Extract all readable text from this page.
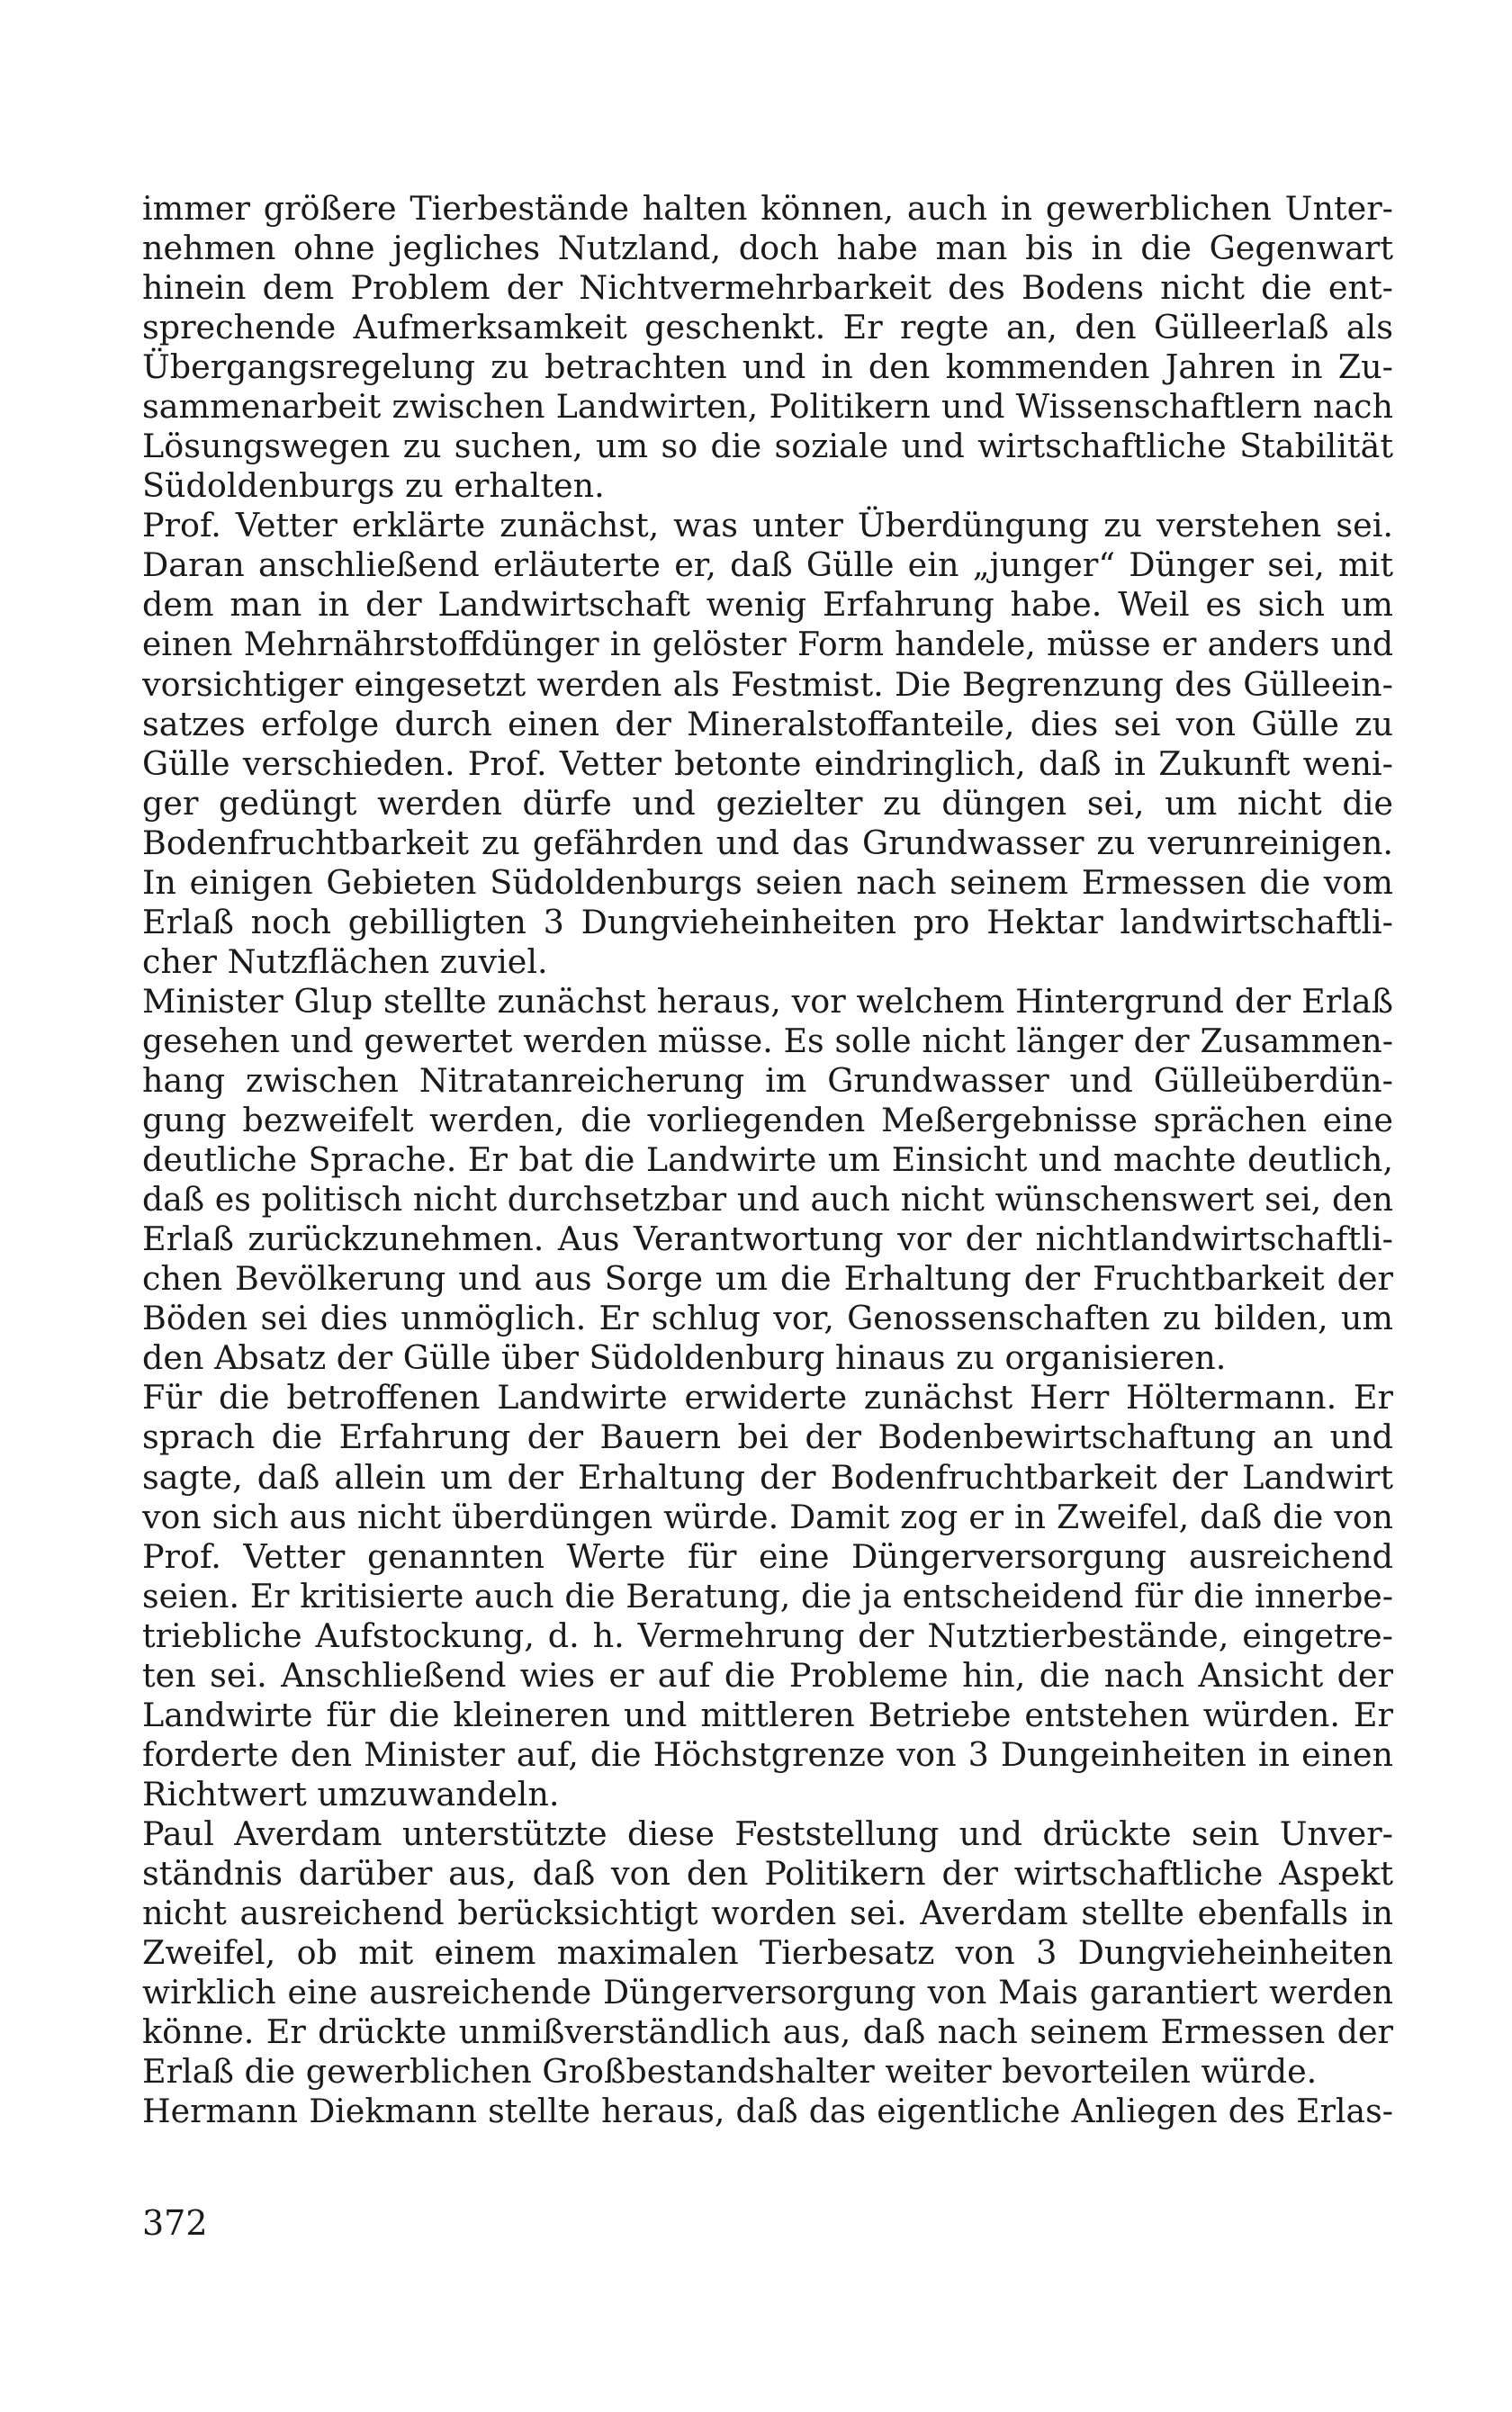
immer größere Tierbestände halten können, auch in gewerblichen Unter-
nehmen ohne jegliches Nutzland, doch habe man bis in die Gegenwart
hinein dem Problem der Nichtvermehrbarkeit des Bodens nicht die ent-
sprechende Aufmerksamkeit geschenkt. Er regte an, den Gülleerlaß als
Übergangsregelung zu betrachten und in den kommenden Jahren in Zu-
sammenarbeit zwischen Landwirten, Politikern und Wissenschaftlern nach
Lösungswegen zu suchen, um so die soziale und wirtschaftliche Stabilität
Südoldenburgs zu erhalten.
Prof. Vetter erklärte zunächst, was unter Überdüngung zu verstehen sei.
Daran anschließend erläuterte er, daß Gülle ein „junger“ Dünger sei, mit
dem man in der Landwirtschaft wenig Erfahrung habe. Weil es sich um
einen Mehrnährstoffdünger in gelöster Form handele, müsse er anders und
vorsichtiger eingesetzt werden als Festmist. Die Begrenzung des Gülleein-
satzes erfolge durch einen der Mineralstoffanteile, dies sei von Gülle zu
Gülle verschieden. Prof. Vetter betonte eindringlich, daß in Zukunft weni-
ger gedüngt werden dürfe und gezielter zu düngen sei, um nicht die
Bodenfruchtbarkeit zu gefährden und das Grundwasser zu verunreinigen.
In einigen Gebieten Südoldenburgs seien nach seinem Ermessen die vom
Erlaß noch gebilligten 3 Dungvieheinheiten pro Hektar landwirtschaftli-
cher Nutzflächen zuviel.
Minister Glup stellte zunächst heraus, vor welchem Hintergrund der Erlaß
gesehen und gewertet werden müsse. Es solle nicht länger der Zusammen-
hang zwischen Nitratanreicherung im Grundwasser und Gülleüberdün-
gung bezweifelt werden, die vorliegenden Meßergebnisse sprächen eine
deutliche Sprache. Er bat die Landwirte um Einsicht und machte deutlich,
daß es politisch nicht durchsetzbar und auch nicht wünschenswert sei, den
Erlaß zurückzunehmen. Aus Verantwortung vor der nichtlandwirtschaftli-
chen Bevölkerung und aus Sorge um die Erhaltung der Fruchtbarkeit der
Böden sei dies unmöglich. Er schlug vor, Genossenschaften zu bilden, um
den Absatz der Gülle über Südoldenburg hinaus zu organisieren.
Für die betroffenen Landwirte erwiderte zunächst Herr Höltermann. Er
sprach die Erfahrung der Bauern bei der Bodenbewirtschaftung an und
sagte, daß allein um der Erhaltung der Bodenfruchtbarkeit der Landwirt
von sich aus nicht überdüngen würde. Damit zog er in Zweifel, daß die von
Prof. Vetter genannten Werte für eine Düngerversorgung ausreichend
seien. Er kritisierte auch die Beratung, die ja entscheidend für die innerbe-
triebliche Aufstockung, d. h. Vermehrung der Nutztierbestände, eingetre-
ten sei. Anschließend wies er auf die Probleme hin, die nach Ansicht der
Landwirte für die kleineren und mittleren Betriebe entstehen würden. Er
forderte den Minister auf, die Höchstgrenze von 3 Dungeinheiten in einen
Richtwert umzuwandeln.
Paul Averdam unterstützte diese Feststellung und drückte sein Unver-
ständnis darüber aus, daß von den Politikern der wirtschaftliche Aspekt
nicht ausreichend berücksichtigt worden sei. Averdam stellte ebenfalls in
Zweifel, ob mit einem maximalen Tierbesatz von 3 Dungvieheinheiten
wirklich eine ausreichende Düngerversorgung von Mais garantiert werden
könne. Er drückte unmißverständlich aus, daß nach seinem Ermessen der
Erlaß die gewerblichen Großbestandshalter weiter bevorteilen würde.
Hermann Diekmann stellte heraus, daß das eigentliche Anliegen des Erlas-
372
